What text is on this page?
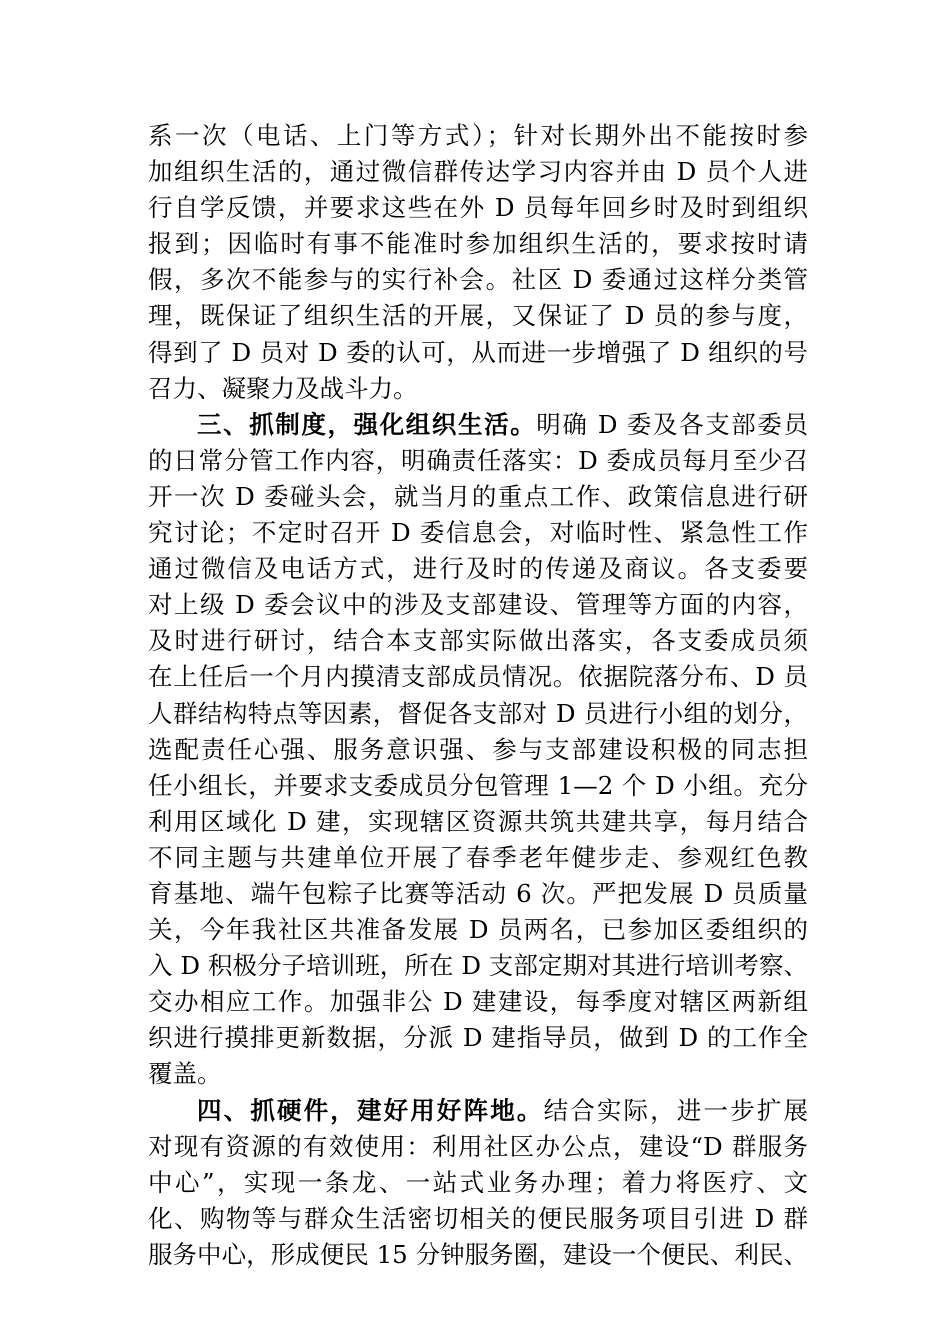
系一次（电话、上门等方式）；针对长期外出不能按时参
加组织生活的，通过微信群传达学习内容并由 D 员个人进
行自学反馈，并要求这些在外 D 员每年回乡时及时到组织
报到；因临时有事不能准时参加组织生活的，要求按时请
假，多次不能参与的实行补会。社区 D 委通过这样分类管
理，既保证了组织生活的开展，又保证了 D 员的参与度，
得到了 D 员对 D 委的认可，从而进一步增强了 D 组织的号
召力、凝聚力及战斗力。
三、抓制度，强化组织生活。明确 D 委及各支部委员
的日常分管工作内容，明确责任落实：D 委成员每月至少召
开一次 D 委碰头会，就当月的重点工作、政策信息进行研
究讨论；不定时召开 D 委信息会，对临时性、紧急性工作
通过微信及电话方式，进行及时的传递及商议。各支委要
对上级 D 委会议中的涉及支部建设、管理等方面的内容，
及时进行研讨，结合本支部实际做出落实，各支委成员须
在上任后一个月内摸清支部成员情况。依据院落分布、D 员
人群结构特点等因素，督促各支部对 D 员进行小组的划分，
选配责任心强、服务意识强、参与支部建设积极的同志担
任小组长，并要求支委成员分包管理 1—2 个 D 小组。充分
利用区域化 D 建，实现辖区资源共筑共建共享，每月结合
不同主题与共建单位开展了春季老年健步走、参观红色教
育基地、端午包粽子比赛等活动 6 次。严把发展 D 员质量
关，今年我社区共准备发展 D 员两名，已参加区委组织的
入 D 积极分子培训班，所在 D 支部定期对其进行培训考察、
交办相应工作。加强非公 D 建建设，每季度对辖区两新组
织进行摸排更新数据，分派 D 建指导员，做到 D 的工作全
覆盖。
四、抓硬件，建好用好阵地。结合实际，进一步扩展
对现有资源的有效使用：利用社区办公点，建设“D 群服务
中心”，实现一条龙、一站式业务办理；着力将医疗、文
化、购物等与群众生活密切相关的便民服务项目引进 D 群
服务中心，形成便民 15 分钟服务圈，建设一个便民、利民、
